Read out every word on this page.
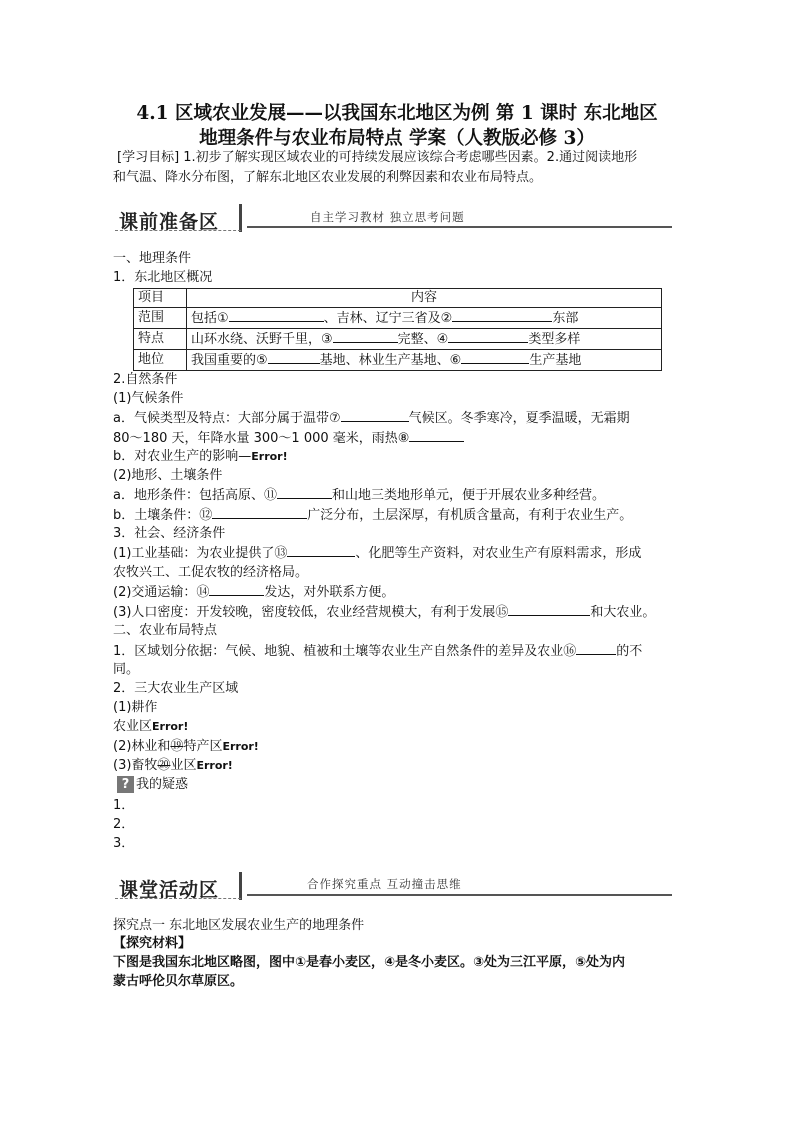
4.1 区域农业发展——以我国东北地区为例 第 1 课时 东北地区
地理条件与农业布局特点 学案（人教版必修 3）
[学习目标] 1.初步了解实现区域农业的可持续发展应该综合考虑哪些因素。2.通过阅读地形
和气温、降水分布图，了解东北地区农业发展的利弊因素和农业布局特点。
课前准备区	自主学习教材 独立思考问题
一、地理条件
1．东北地区概况
项目	内容
范围	包括① 、吉林、辽宁三省及② 东部
特点	山环水绕、沃野千里，③ 完整、④ 类型多样
地位	我国重要的⑤ 基地、林业生产基地、⑥ 生产基地
2.自然条件
(1)气候条件
a．气候类型及特点：大部分属于温带⑦	气候区。冬季寒冷，夏季温暖，无霜期
80～180 天，年降水量 300～1 000 毫米，雨热⑧
b．对农业生产的影响—Error!
(2)地形、土壤条件
a．地形条件：包括高原、⑪	和山地三类地形单元，便于开展农业多种经营。
b．土壤条件：⑫	广泛分布，土层深厚，有机质含量高，有利于农业生产。
3．社会、经济条件
(1)工业基础：为农业提供了⑬	、化肥等生产资料，对农业生产有原料需求，形成
农牧兴工、工促农牧的经济格局。
(2)交通运输：⑭	发达，对外联系方便。
(3)人口密度：开发较晚，密度较低，农业经营规模大，有利于发展⑮	和大农业。
二、农业布局特点
1．区域划分依据：气候、地貌、植被和土壤等农业生产自然条件的差异及农业⑯	的不
同。
2．三大农业生产区域
(1)耕作
农业区Error!
(2)林业和⑲特产区Error!
(3)畜牧⑳业区Error!
? 我的疑惑
1．
2．
3．
课堂活动区	合作探究重点 互动撞击思维
探究点一 东北地区发展农业生产的地理条件
【探究材料】
下图是我国东北地区略图，图中①是春小麦区，④是冬小麦区。③处为三江平原，⑤处为内
蒙古呼伦贝尔草原区。
